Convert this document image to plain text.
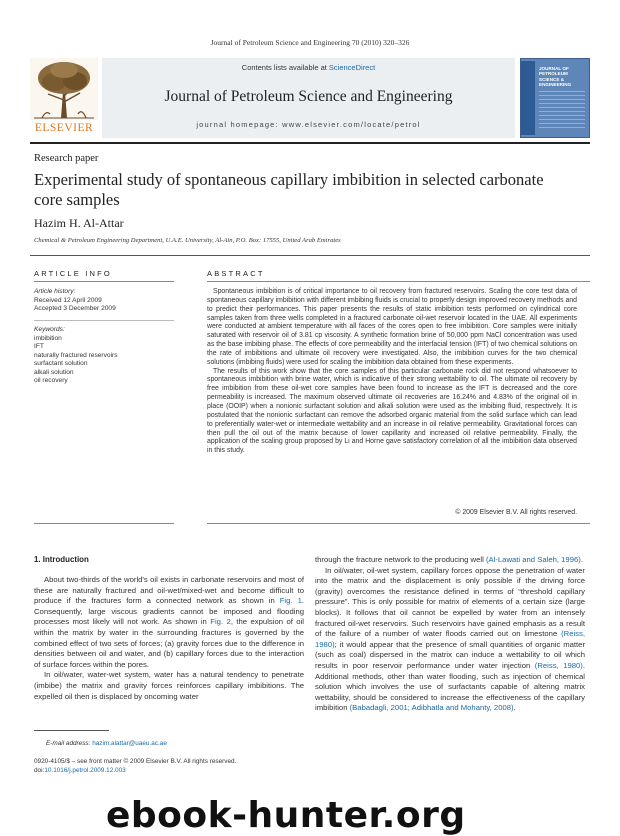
Journal of Petroleum Science and Engineering 70 (2010) 320–326
ELSEVIER
Contents lists available at ScienceDirect
Journal of Petroleum Science and Engineering
journal homepage: www.elsevier.com/locate/petrol
JOURNAL OF PETROLEUM SCIENCE & ENGINEERING
Research paper
Experimental study of spontaneous capillary imbibition in selected carbonate core samples
Hazim H. Al-Attar
Chemical & Petroleum Engineering Department, U.A.E. University, Al-Ain, P.O. Box: 17555, United Arab Emirates
ARTICLE INFO
Article history:
Received 12 April 2009
Accepted 3 December 2009
Keywords:
imbibition
IFT
naturally fractured reservoirs
surfactant solution
alkali solution
oil recovery
ABSTRACT

Spontaneous imbibition is of critical importance to oil recovery from fractured reservoirs. Scaling the core test data of spontaneous capillary imbibition with different imbibing fluids is crucial to properly design improved recovery methods and to predict their performances. This paper presents the results of static imbibition tests performed on cylindrical core samples taken from three wells completed in a fractured carbonate oil-wet reservoir located in the UAE. All experiments were conducted at ambient temperature with all faces of the cores open to free imbibition. Core samples were initially saturated with reservoir oil of 3.81 cp viscosity. A synthetic formation brine of 50,000 ppm NaCl concentration was used as the base imbibing phase. The effects of core permeability and the interfacial tension (IFT) of two chemical solutions on the rate of imbibitions and ultimate oil recovery were investigated. Also, the imbibition curves for the two chemical solutions (imbibing fluids) were used for scaling the imbibition data obtained from these experiments.

The results of this work show that the core samples of this particular carbonate rock did not respond whatsoever to spontaneous imbibition with brine water, which is indicative of their strong wettability to oil. The ultimate oil recovery by free imbibition from these oil-wet core samples have been found to increase as the IFT is decreased and the core permeability is increased. The maximum observed ultimate oil recoveries are 16.24% and 4.83% of the original oil in place (OOIP) when a nonionic surfactant solution and alkali solution were used as the imbibing fluid, respectively. It is postulated that the nonionic surfactant can remove the adsorbed organic material from the solid surface which can lead to preferentially water-wet or intermediate wettability and an increase in oil relative permeability. Gravitational forces can then pull the oil out of the matrix because of lower capillarity and increased oil relative permeability. Finally, the application of the scaling group proposed by Li and Horne gave satisfactory correlation of all the imbibition data observed in this study.

© 2009 Elsevier B.V. All rights reserved.
1. Introduction

About two-thirds of the world's oil exists in carbonate reservoirs and most of these are naturally fractured and oil-wet/mixed-wet and become difficult to produce if the fractures form a connected network as shown in Fig. 1. Consequently, large viscous gradients cannot be imposed and flooding processes most likely will not work. As shown in Fig. 2, the expulsion of oil within the matrix by water in the surrounding fractures is governed by the combined effect of two sets of forces; (a) gravity forces due to the difference in densities between oil and water, and (b) capillary forces due to the interaction of surface forces within the pores.

In oil/water, water-wet system, water has a natural tendency to penetrate (imbibe) the matrix and gravity forces reinforces capillary imbibitions. The expelled oil then is displaced by oncoming water

through the fracture network to the producing well (Al-Lawati and Saleh, 1996).

In oil/water, oil-wet system, capillary forces oppose the penetration of water into the matrix and the displacement is only possible if the driving force (gravity) overcomes the resistance defined in terms of “threshold capillary pressure”. This is only possible for matrix of elements of a certain size (large blocks). It follows that oil cannot be expelled by water from an intensely fractured oil-wet reservoirs. Such reservoirs have gained emphasis as a result of the failure of a number of water floods carried out on limestone (Reiss, 1980); it would appear that the presence of small quantities of organic matter (such as coal) dispersed in the matrix can induce a wettability to oil which results in poor reservoir performance under water injection (Reiss, 1980). Additional methods, other than water flooding, such as injection of chemical solution which involves the use of surfactants capable of altering matrix wettability, should be considered to increase the effectiveness of the capillary imbibition (Babadagli, 2001; Adibhatla and Mohanty, 2008).

E-mail address: hazim.alattar@uaeu.ac.ae
0920-4105/$ – see front matter © 2009 Elsevier B.V. All rights reserved.
doi:10.1016/j.petrol.2009.12.003
ebook-hunter.org
